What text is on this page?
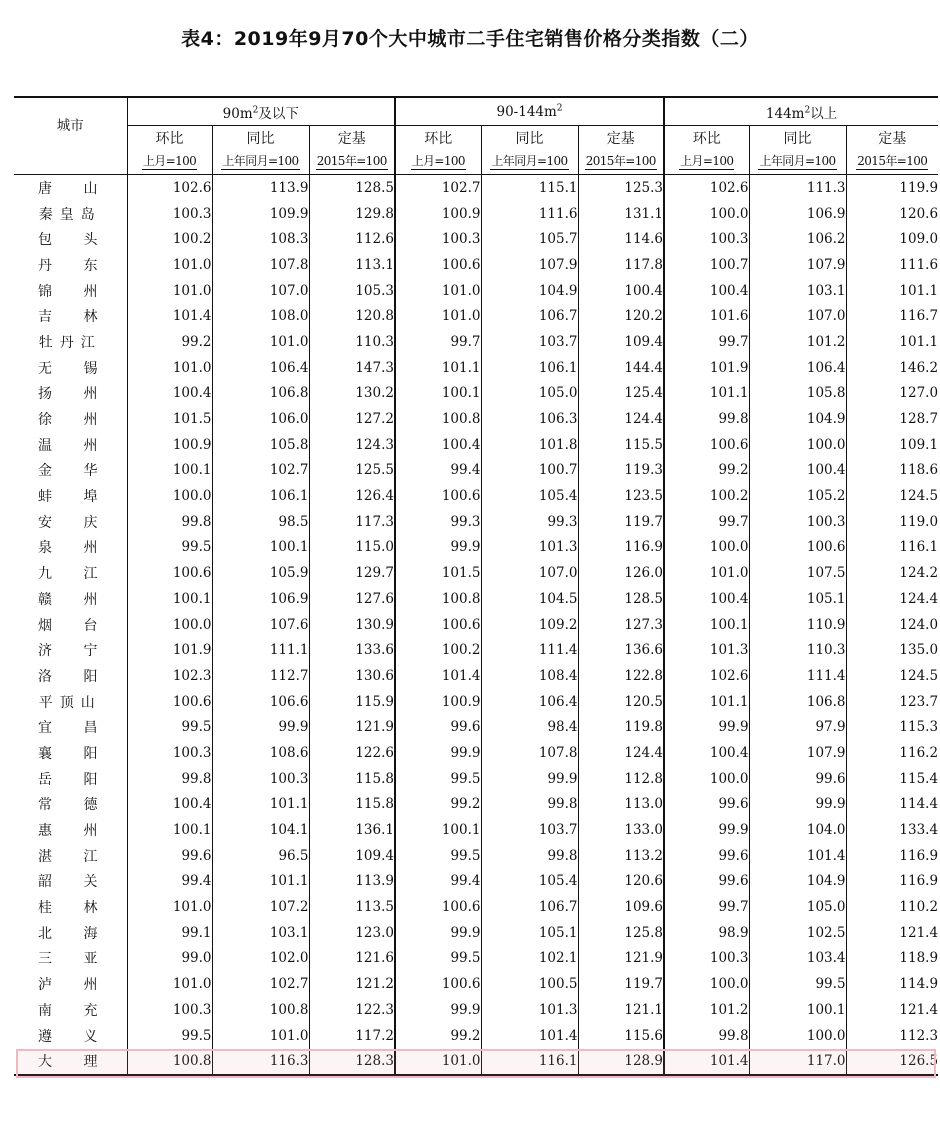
表4：2019年9月70个大中城市二手住宅销售价格分类指数（二）
城市	$90m^2$及以下			$90-144m^2$			$144m^2$以上		
	环比	同比	定基	环比	同比	定基	环比	同比	定基
	上月=100	上年同月=100	2015年=100	上月=100	上年同月=100	2015年=100	上月=100	上年同月=100	2015年=100

唐 山	102.6	113.9	128.5	102.7	115.1	125.3	102.6	111.3	119.9

秦 皇 岛	100.3	109.9	129.8	100.9	111.6	131.1	100.0	106.9	120.6

包 头	100.2	108.3	112.6	100.3	105.7	114.6	100.3	106.2	109.0

丹 东	101.0	107.8	113.1	100.6	107.9	117.8	100.7	107.9	111.6

锦 州	101.0	107.0	105.3	101.0	104.9	100.4	100.4	103.1	101.1

吉 林	101.4	108.0	120.8	101.0	106.7	120.2	101.6	107.0	116.7

牡 丹 江	99.2	101.0	110.3	99.7	103.7	109.4	99.7	101.2	101.1

无 锡	101.0	106.4	147.3	101.1	106.1	144.4	101.9	106.4	146.2

扬 州	100.4	106.8	130.2	100.1	105.0	125.4	101.1	105.8	127.0

徐 州	101.5	106.0	127.2	100.8	106.3	124.4	99.8	104.9	128.7

温 州	100.9	105.8	124.3	100.4	101.8	115.5	100.6	100.0	109.1

金 华	100.1	102.7	125.5	99.4	100.7	119.3	99.2	100.4	118.6

蚌 埠	100.0	106.1	126.4	100.6	105.4	123.5	100.2	105.2	124.5

安 庆	99.8	98.5	117.3	99.3	99.3	119.7	99.7	100.3	119.0

泉 州	99.5	100.1	115.0	99.9	101.3	116.9	100.0	100.6	116.1

九 江	100.6	105.9	129.7	101.5	107.0	126.0	101.0	107.5	124.2

赣 州	100.1	106.9	127.6	100.8	104.5	128.5	100.4	105.1	124.4

烟 台	100.0	107.6	130.9	100.6	109.2	127.3	100.1	110.9	124.0

济 宁	101.9	111.1	133.6	100.2	111.4	136.6	101.3	110.3	135.0

洛 阳	102.3	112.7	130.6	101.4	108.4	122.8	102.6	111.4	124.5

平 顶 山	100.6	106.6	115.9	100.9	106.4	120.5	101.1	106.8	123.7

宜 昌	99.5	99.9	121.9	99.6	98.4	119.8	99.9	97.9	115.3

襄 阳	100.3	108.6	122.6	99.9	107.8	124.4	100.4	107.9	116.2

岳 阳	99.8	100.3	115.8	99.5	99.9	112.8	100.0	99.6	115.4

常 德	100.4	101.1	115.8	99.2	99.8	113.0	99.6	99.9	114.4

惠 州	100.1	104.1	136.1	100.1	103.7	133.0	99.9	104.0	133.4

湛 江	99.6	96.5	109.4	99.5	99.8	113.2	99.6	101.4	116.9

韶 关	99.4	101.1	113.9	99.4	105.4	120.6	99.6	104.9	116.9

桂 林	101.0	107.2	113.5	100.6	106.7	109.6	99.7	105.0	110.2

北 海	99.1	103.1	123.0	99.9	105.1	125.8	98.9	102.5	121.4

三 亚	99.0	102.0	121.6	99.5	102.1	121.9	100.3	103.4	118.9

泸 州	101.0	102.7	121.2	100.6	100.5	119.7	100.0	99.5	114.9

南 充	100.3	100.8	122.3	99.9	101.3	121.1	101.2	100.1	121.4

遵 义	99.5	101.0	117.2	99.2	101.4	115.6	99.8	100.0	112.3

大 理	100.8	116.3	128.3	101.0	116.1	128.9	101.4	117.0	126.5
